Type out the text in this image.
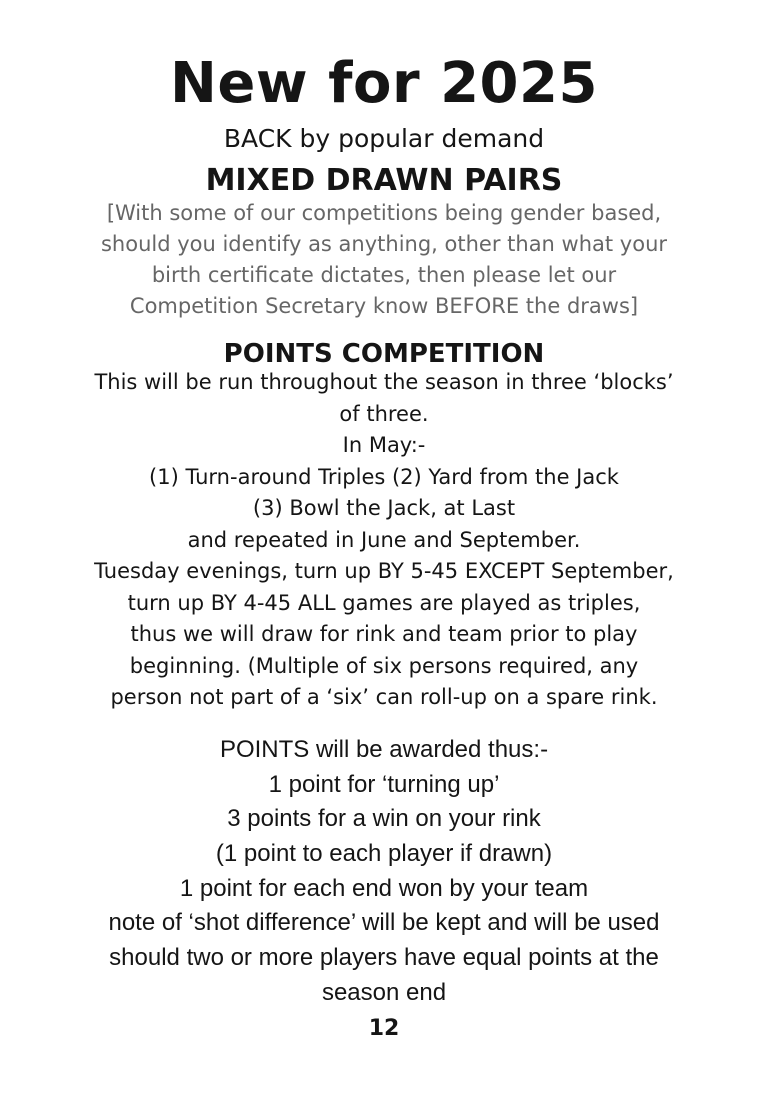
New for 2025
BACK by popular demand
MIXED DRAWN PAIRS
[With some of our competitions being gender based,
should you identify as anything, other than what your
birth certificate dictates, then please let our
Competition Secretary know BEFORE the draws]
POINTS COMPETITION
This will be run throughout the season in three ‘blocks’
of three.
In May:-
(1) Turn-around Triples (2) Yard from the Jack
(3) Bowl the Jack, at Last
and repeated in June and September.
Tuesday evenings, turn up BY 5-45 EXCEPT September,
turn up BY 4-45 ALL games are played as triples,
thus we will draw for rink and team prior to play
beginning. (Multiple of six persons required, any
person not part of a ‘six’ can roll-up on a spare rink.
POINTS will be awarded thus:-
1 point for ‘turning up’
3 points for a win on your rink
(1 point to each player if drawn)
1 point for each end won by your team
note of ‘shot difference’ will be kept and will be used
should two or more players have equal points at the
season end
12
